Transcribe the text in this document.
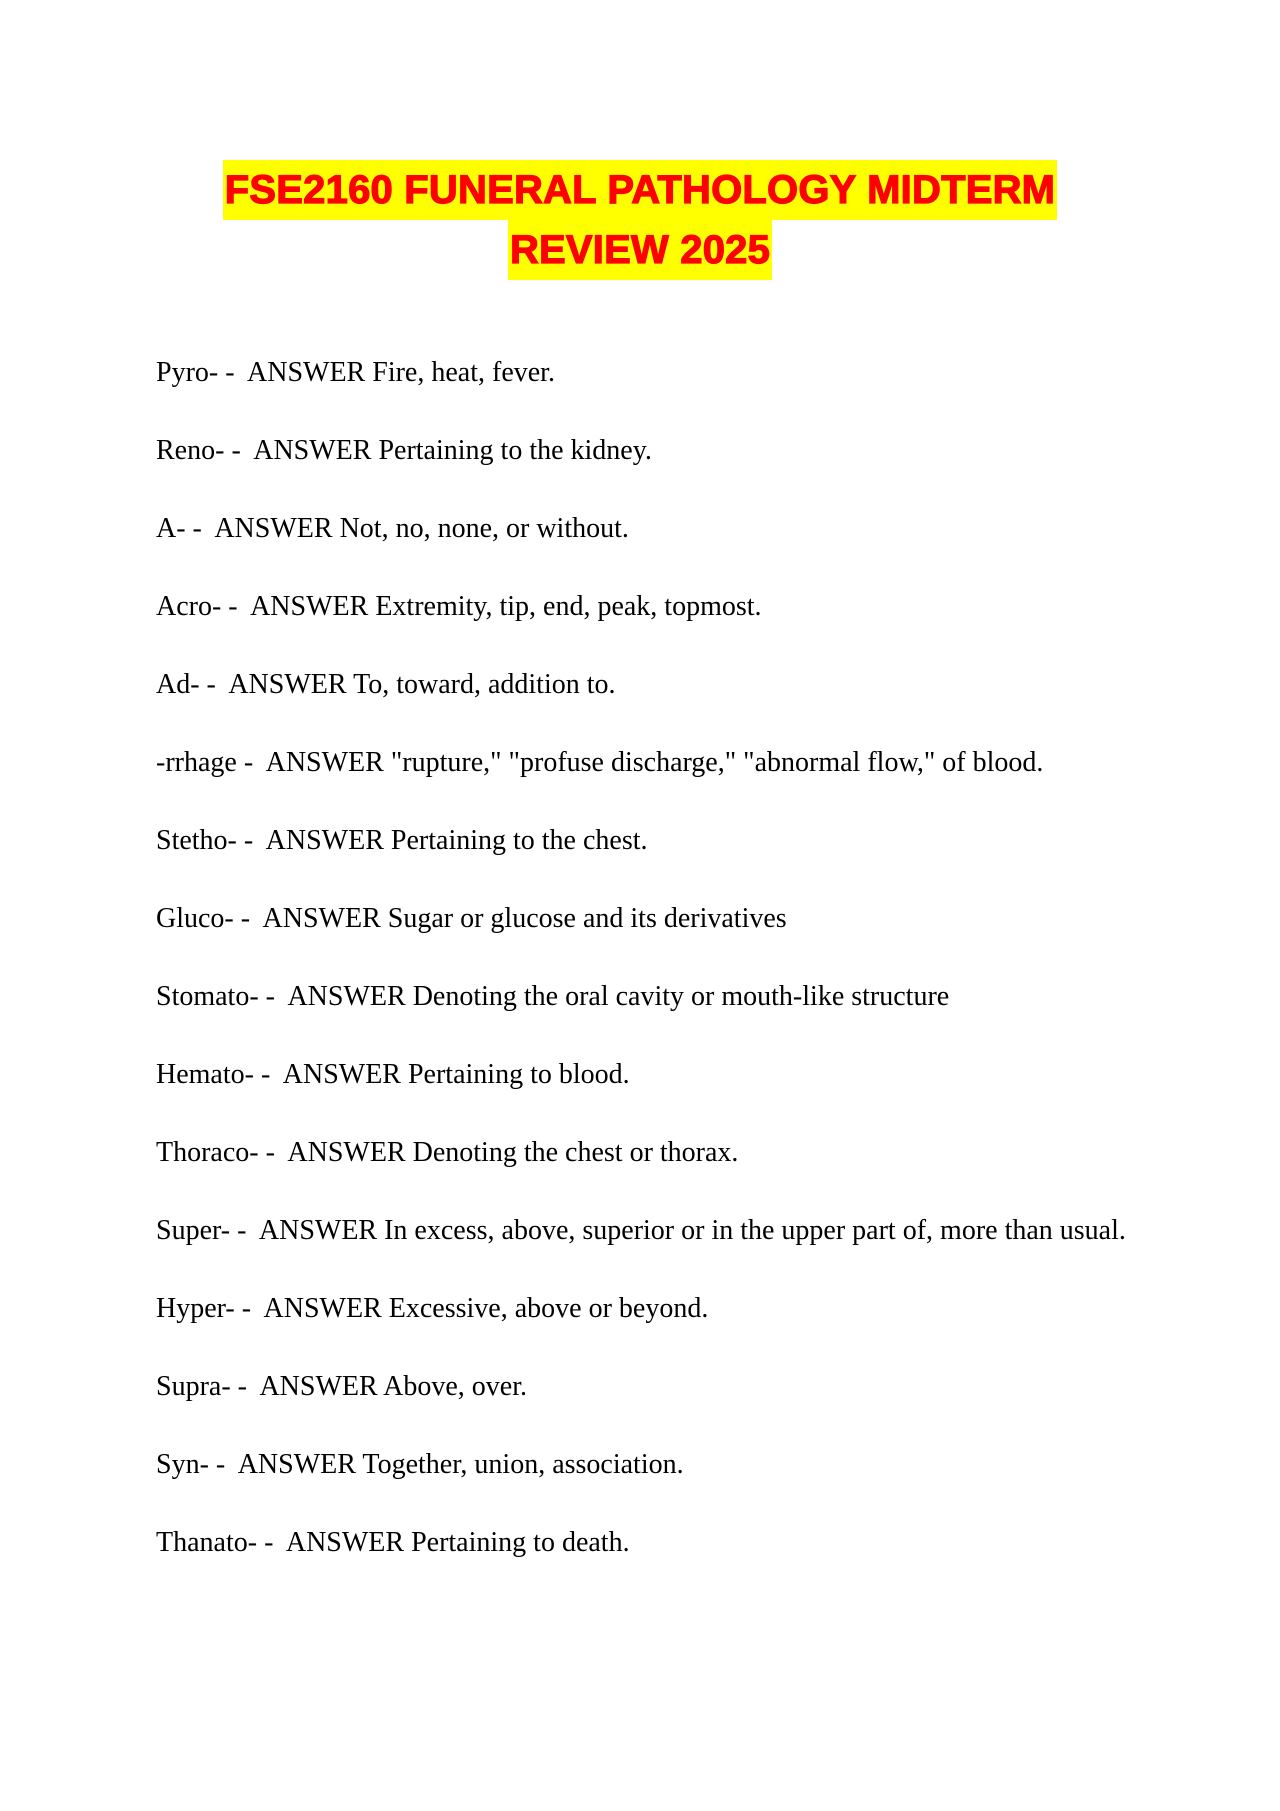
FSE2160 FUNERAL PATHOLOGY MIDTERM
REVIEW 2025
Pyro- -  ANSWER Fire, heat, fever.
Reno- -  ANSWER Pertaining to the kidney.
A- -  ANSWER Not, no, none, or without.
Acro- -  ANSWER Extremity, tip, end, peak, topmost.
Ad- -  ANSWER To, toward, addition to.
-rrhage -  ANSWER "rupture," "profuse discharge," "abnormal flow," of blood.
Stetho- -  ANSWER Pertaining to the chest.
Gluco- -  ANSWER Sugar or glucose and its derivatives
Stomato- -  ANSWER Denoting the oral cavity or mouth-like structure
Hemato- -  ANSWER Pertaining to blood.
Thoraco- -  ANSWER Denoting the chest or thorax.
Super- -  ANSWER In excess, above, superior or in the upper part of, more than usual.
Hyper- -  ANSWER Excessive, above or beyond.
Supra- -  ANSWER Above, over.
Syn- -  ANSWER Together, union, association.
Thanato- -  ANSWER Pertaining to death.
